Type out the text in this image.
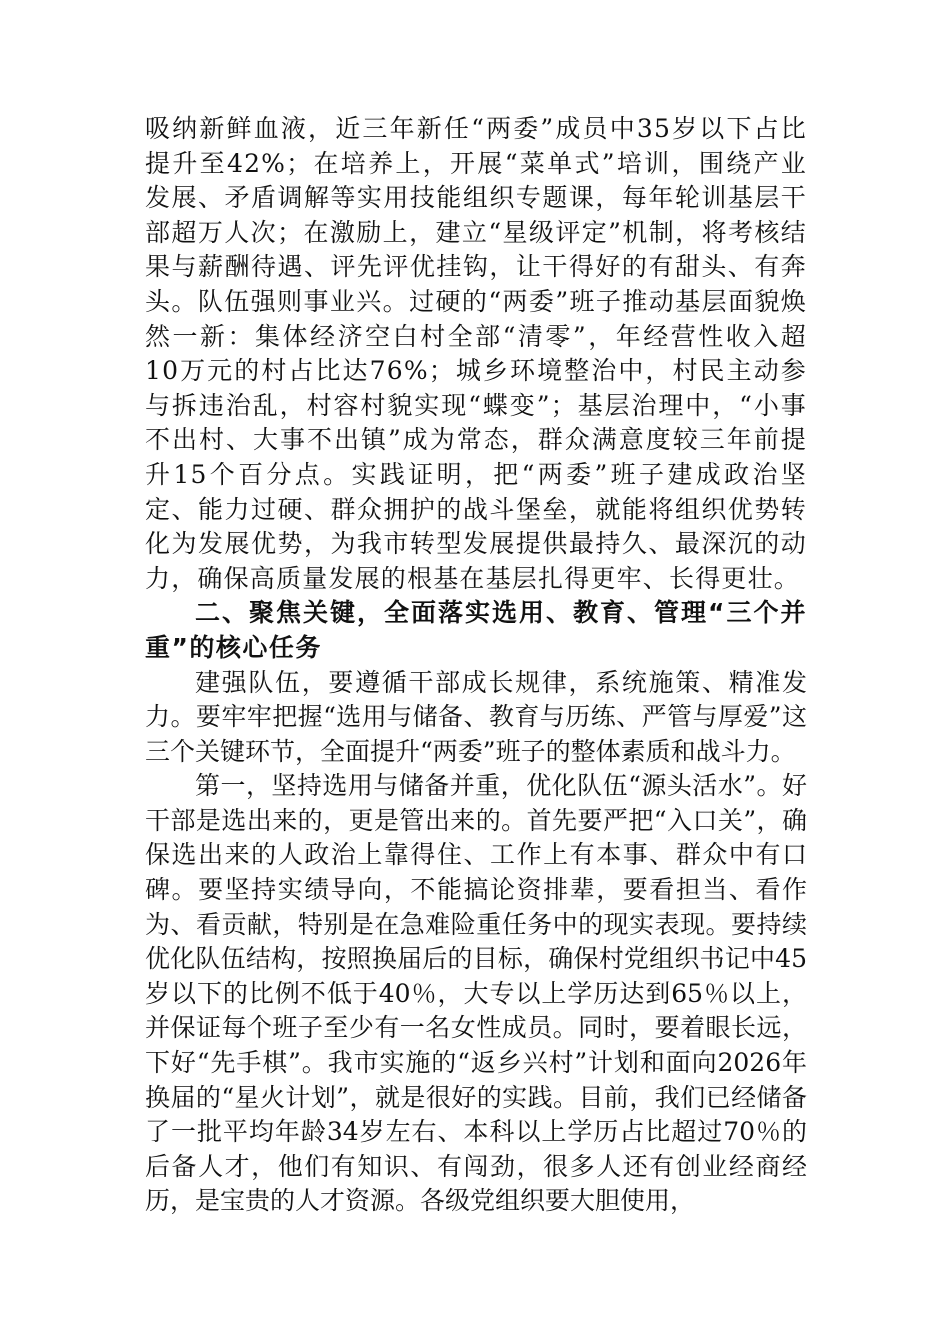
吸纳新鲜血液，近三年新任“两委”成员中35岁以下占比提升至42%；在培养上，开展“菜单式”培训，围绕产业发展、矛盾调解等实用技能组织专题课，每年轮训基层干部超万人次；在激励上，建立“星级评定”机制，将考核结果与薪酬待遇、评先评优挂钩，让干得好的有甜头、有奔头。队伍强则事业兴。过硬的“两委”班子推动基层面貌焕然一新：集体经济空白村全部“清零”，年经营性收入超10万元的村占比达76%；城乡环境整治中，村民主动参与拆违治乱，村容村貌实现“蝶变”；基层治理中，“小事不出村、大事不出镇”成为常态，群众满意度较三年前提升15个百分点。实践证明，把“两委”班子建成政治坚定、能力过硬、群众拥护的战斗堡垒，就能将组织优势转化为发展优势，为我市转型发展提供最持久、最深沉的动力，确保高质量发展的根基在基层扎得更牢、长得更壮。

二、聚焦关键，全面落实选用、教育、管理“三个并重”的核心任务

建强队伍，要遵循干部成长规律，系统施策、精准发力。要牢牢把握“选用与储备、教育与历练、严管与厚爱”这三个关键环节，全面提升“两委”班子的整体素质和战斗力。

第一，坚持选用与储备并重，优化队伍“源头活水”。好干部是选出来的，更是管出来的。首先要严把“入口关”，确保选出来的人政治上靠得住、工作上有本事、群众中有口碑。要坚持实绩导向，不能搞论资排辈，要看担当、看作为、看贡献，特别是在急难险重任务中的现实表现。要持续优化队伍结构，按照换届后的目标，确保村党组织书记中45岁以下的比例不低于40％，大专以上学历达到65％以上，并保证每个班子至少有一名女性成员。同时，要着眼长远，下好“先手棋”。我市实施的“返乡兴村”计划和面向2026年换届的“星火计划”，就是很好的实践。目前，我们已经储备了一批平均年龄34岁左右、本科以上学历占比超过70％的后备人才，他们有知识、有闯劲，很多人还有创业经商经历，是宝贵的人才资源。各级党组织要大胆使用，
